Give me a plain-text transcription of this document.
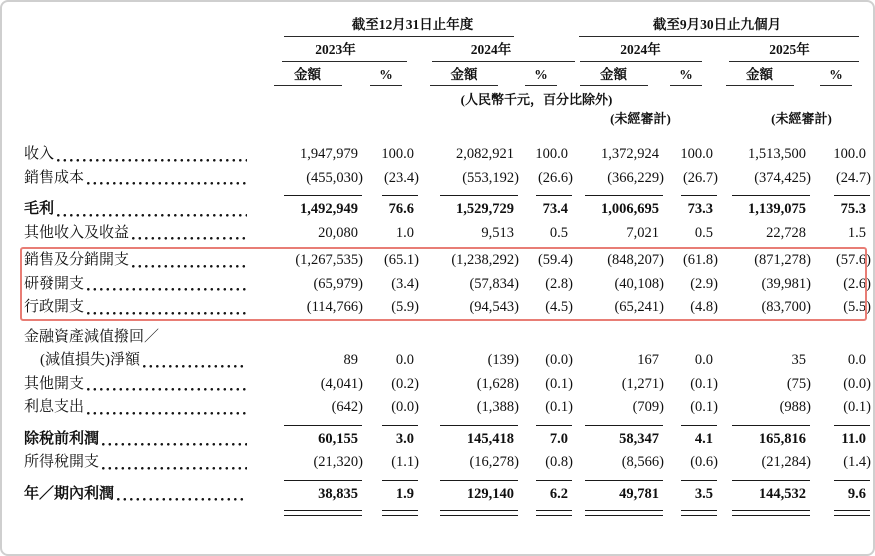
截至12月31日止年度	截至9月30日止九個月
2023年	2024年	2024年	2025年
金額	%	金額	%	金額	%	金額	%
(人民幣千元，百分比除外)
(未經審計)	(未經審計)
收入	1,947,979	100.0	2,082,921	100.0	1,372,924	100.0	1,513,500	100.0
銷售成本	(455,030)	(23.4)	(553,192)	(26.6)	(366,229)	(26.7)	(374,425)	(24.7)
毛利	1,492,949	76.6	1,529,729	73.4	1,006,695	73.3	1,139,075	75.3
其他收入及收益	20,080	1.0	9,513	0.5	7,021	0.5	22,728	1.5
銷售及分銷開支	(1,267,535)	(65.1)	(1,238,292)	(59.4)	(848,207)	(61.8)	(871,278)	(57.6)
研發開支	(65,979)	(3.4)	(57,834)	(2.8)	(40,108)	(2.9)	(39,981)	(2.6)
行政開支	(114,766)	(5.9)	(94,543)	(4.5)	(65,241)	(4.8)	(83,700)	(5.5)
金融資產減值撥回／
(減值損失)淨額	89	0.0	(139)	(0.0)	167	0.0	35	0.0
其他開支	(4,041)	(0.2)	(1,628)	(0.1)	(1,271)	(0.1)	(75)	(0.0)
利息支出	(642)	(0.0)	(1,388)	(0.1)	(709)	(0.1)	(988)	(0.1)
除稅前利潤	60,155	3.0	145,418	7.0	58,347	4.1	165,816	11.0
所得稅開支	(21,320)	(1.1)	(16,278)	(0.8)	(8,566)	(0.6)	(21,284)	(1.4)
年／期內利潤	38,835	1.9	129,140	6.2	49,781	3.5	144,532	9.6
